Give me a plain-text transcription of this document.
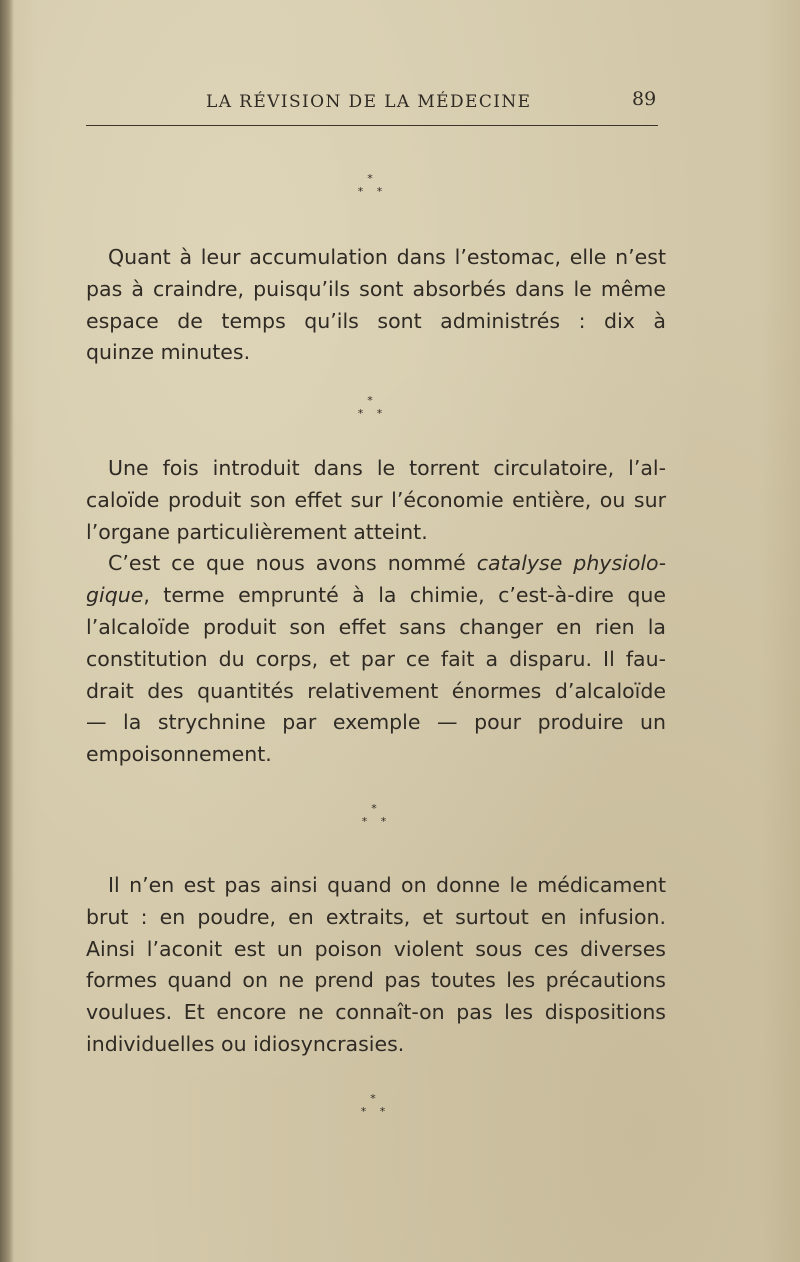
LA RÉVISION DE LA MÉDECINE	89
*
* *
Quant à leur accumulation dans l’estomac, elle n’est
pas à craindre, puisqu’ils sont absorbés dans le même
espace de temps qu’ils sont administrés : dix à
quinze minutes.
*
* *
Une fois introduit dans le torrent circulatoire, l’al-
caloïde produit son effet sur l’économie entière, ou sur
l’organe particulièrement atteint.
C’est ce que nous avons nommé catalyse physiolo-
gique, terme emprunté à la chimie, c’est-à-dire que
l’alcaloïde produit son effet sans changer en rien la
constitution du corps, et par ce fait a disparu. Il fau-
drait des quantités relativement énormes d’alcaloïde
— la strychnine par exemple — pour produire un
empoisonnement.
*
* *
Il n’en est pas ainsi quand on donne le médicament
brut : en poudre, en extraits, et surtout en infusion.
Ainsi l’aconit est un poison violent sous ces diverses
formes quand on ne prend pas toutes les précautions
voulues. Et encore ne connaît-on pas les dispositions
individuelles ou idiosyncrasies.
*
* *
